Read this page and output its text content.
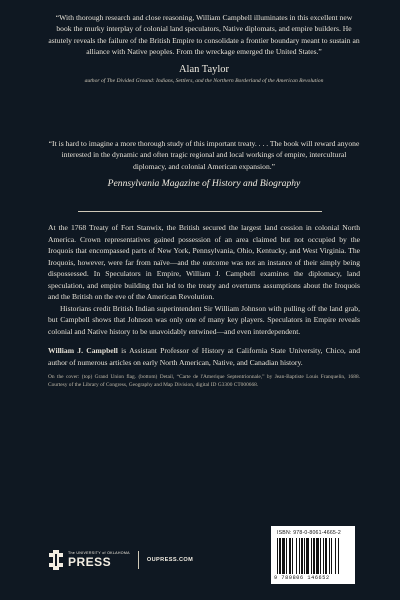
“With thorough research and close reasoning, William Campbell illuminates in this excellent new book the murky interplay of colonial land speculators, Native diplomats, and empire builders. He astutely reveals the failure of the British Empire to consolidate a frontier boundary meant to sustain an alliance with Native peoples. From the wreckage emerged the United States.”
Alan Taylor
author of The Divided Ground: Indians, Settlers, and the Northern Borderland of the American Revolution
“It is hard to imagine a more thorough study of this important treaty. . . . The book will reward anyone interested in the dynamic and often tragic regional and local workings of empire, intercultural diplomacy, and colonial American expansion.”
Pennsylvania Magazine of History and Biography

At the 1768 Treaty of Fort Stanwix, the British secured the largest land cession in colonial North America. Crown representatives gained possession of an area claimed but not occupied by the Iroquois that encompassed parts of New York, Pennsylvania, Ohio, Kentucky, and West Virginia. The Iroquois, however, were far from naïve—and the outcome was not an instance of their simply being dispossessed. In Speculators in Empire, William J. Campbell examines the diplomacy, land speculation, and empire building that led to the treaty and overturns assumptions about the Iroquois and the British on the eve of the American Revolution.

Historians credit British Indian superintendent Sir William Johnson with pulling off the land grab, but Campbell shows that Johnson was only one of many key players. Speculators in Empire reveals colonial and Native history to be unavoidably entwined—and even interdependent.

William J. Campbell is Assistant Professor of History at California State University, Chico, and author of numerous articles on early North American, Native, and Canadian history.

On the cover: (top) Grand Union flag. (bottom) Detail, “Carte de l'Amerique Septentrionnale,” by Jean-Baptiste Louis Franquelin, 1688. Courtesy of the Library of Congress, Geography and Map Division, digital ID G3300 CT000668.
The UNIVERSITY of OKLAHOMA
PRESS	OUPRESS.COM
ISBN: 978-0-8061-4665-2
9 780806 146652
